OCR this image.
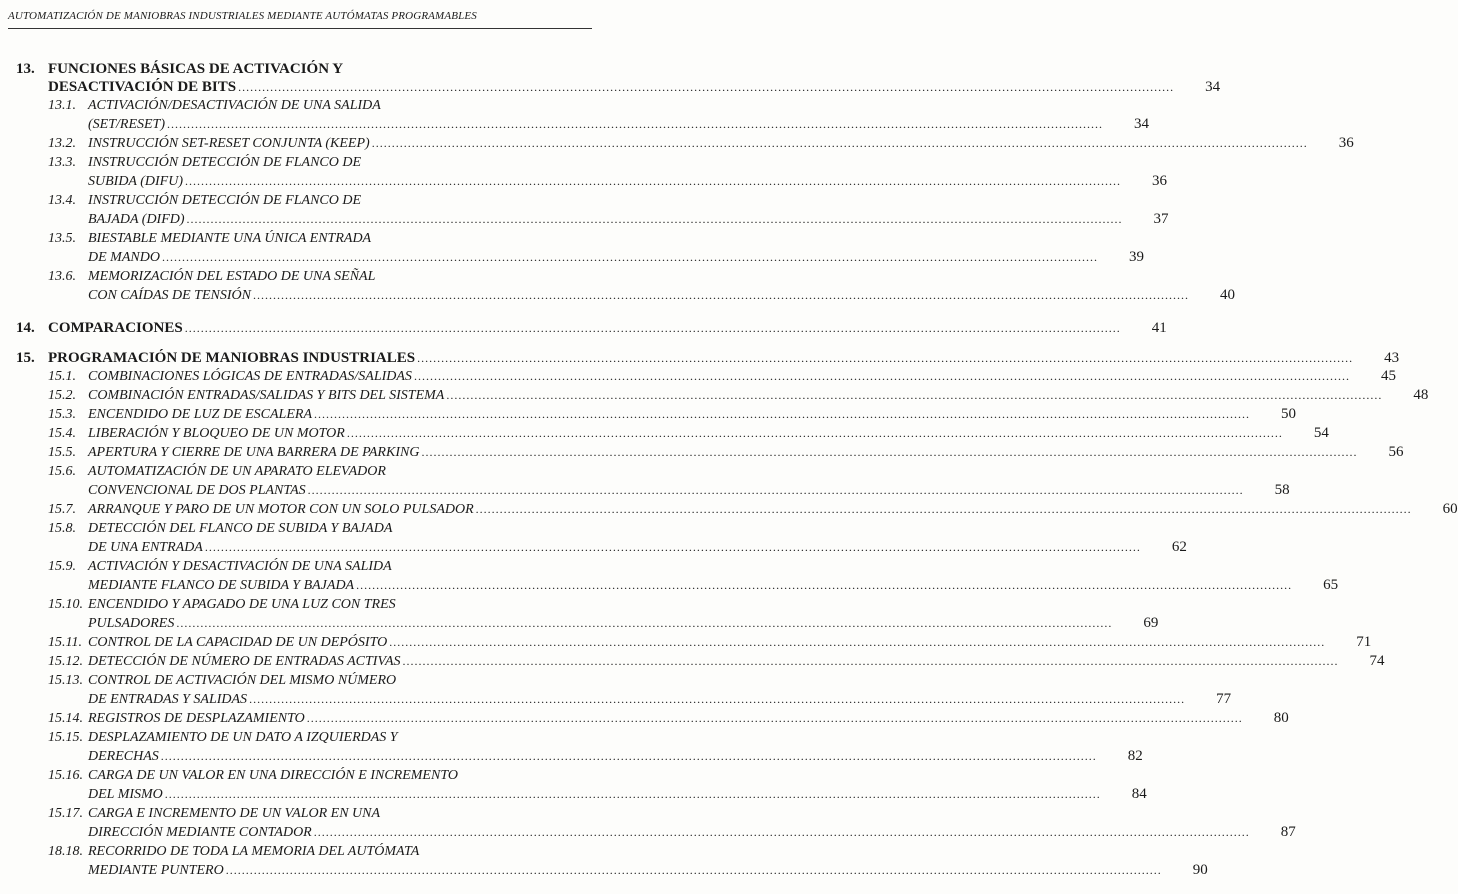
AUTOMATIZACIÓN DE MANIOBRAS INDUSTRIALES MEDIANTE AUTÓMATAS PROGRAMABLES
13. FUNCIONES BÁSICAS DE ACTIVACIÓN Y
DESACTIVACIÓN DE BITS .....	34
13.1. ACTIVACIÓN/DESACTIVACIÓN DE UNA SALIDA
(SET/RESET) .....	34
13.2. INSTRUCCIÓN SET-RESET CONJUNTA (KEEP) .....	36
13.3. INSTRUCCIÓN DETECCIÓN DE FLANCO DE
SUBIDA (DIFU) .....	36
13.4. INSTRUCCIÓN DETECCIÓN DE FLANCO DE
BAJADA (DIFD) .....	37
13.5. BIESTABLE MEDIANTE UNA ÚNICA ENTRADA
DE MANDO .....	39
13.6. MEMORIZACIÓN DEL ESTADO DE UNA SEÑAL
CON CAÍDAS DE TENSIÓN .....	40
14. COMPARACIONES .....	41
15. PROGRAMACIÓN DE MANIOBRAS INDUSTRIALES .....	43
15.1. COMBINACIONES LÓGICAS DE ENTRADAS/SALIDAS .....	45
15.2. COMBINACIÓN ENTRADAS/SALIDAS Y BITS DEL SISTEMA .....	48
15.3. ENCENDIDO DE LUZ DE ESCALERA .....	50
15.4. LIBERACIÓN Y BLOQUEO DE UN MOTOR .....	54
15.5. APERTURA Y CIERRE DE UNA BARRERA DE PARKING .....	56
15.6. AUTOMATIZACIÓN DE UN APARATO ELEVADOR
CONVENCIONAL DE DOS PLANTAS .....	58
15.7. ARRANQUE Y PARO DE UN MOTOR CON UN SOLO PULSADOR .....	60
15.8. DETECCIÓN DEL FLANCO DE SUBIDA Y BAJADA
DE UNA ENTRADA .....	62
15.9. ACTIVACIÓN Y DESACTIVACIÓN DE UNA SALIDA
MEDIANTE FLANCO DE SUBIDA Y BAJADA .....	65
15.10. ENCENDIDO Y APAGADO DE UNA LUZ CON TRES
PULSADORES .....	69
15.11. CONTROL DE LA CAPACIDAD DE UN DEPÓSITO .....	71
15.12. DETECCIÓN DE NÚMERO DE ENTRADAS ACTIVAS .....	74
15.13. CONTROL DE ACTIVACIÓN DEL MISMO NÚMERO
DE ENTRADAS Y SALIDAS .....	77
15.14. REGISTROS DE DESPLAZAMIENTO .....	80
15.15. DESPLAZAMIENTO DE UN DATO A IZQUIERDAS Y
DERECHAS .....	82
15.16. CARGA DE UN VALOR EN UNA DIRECCIÓN E INCREMENTO
DEL MISMO .....	84
15.17. CARGA E INCREMENTO DE UN VALOR EN UNA
DIRECCIÓN MEDIANTE CONTADOR .....	87
18.18. RECORRIDO DE TODA LA MEMORIA DEL AUTÓMATA
MEDIANTE PUNTERO .....	90
